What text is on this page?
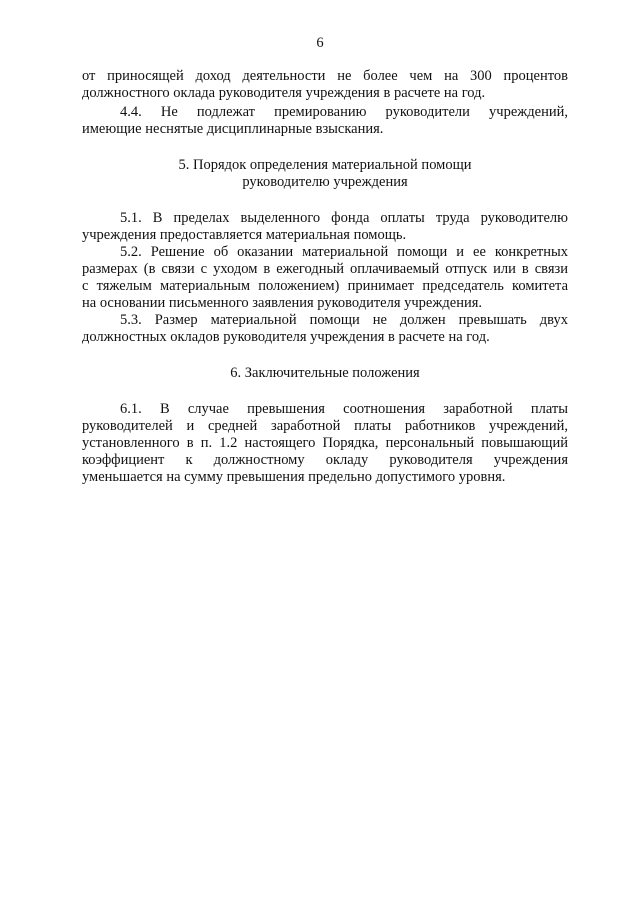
6
от приносящей доход деятельности не более чем на 300 процентов
должностного оклада руководителя учреждения в расчете на год.
4.4. Не подлежат премированию руководители учреждений,
имеющие неснятые дисциплинарные взыскания.
5. Порядок определения материальной помощи
руководителю учреждения
5.1. В пределах выделенного фонда оплаты труда руководителю
учреждения предоставляется материальная помощь.
5.2. Решение об оказании материальной помощи и ее конкретных
размерах (в связи с уходом в ежегодный оплачиваемый отпуск или в связи
с тяжелым материальным положением) принимает председатель комитета
на основании письменного заявления руководителя учреждения.
5.3. Размер материальной помощи не должен превышать двух
должностных окладов руководителя учреждения в расчете на год.
6. Заключительные положения
6.1. В случае превышения соотношения заработной платы
руководителей и средней заработной платы работников учреждений,
установленного в п. 1.2 настоящего Порядка, персональный повышающий
коэффициент к должностному окладу руководителя учреждения
уменьшается на сумму превышения предельно допустимого уровня.
